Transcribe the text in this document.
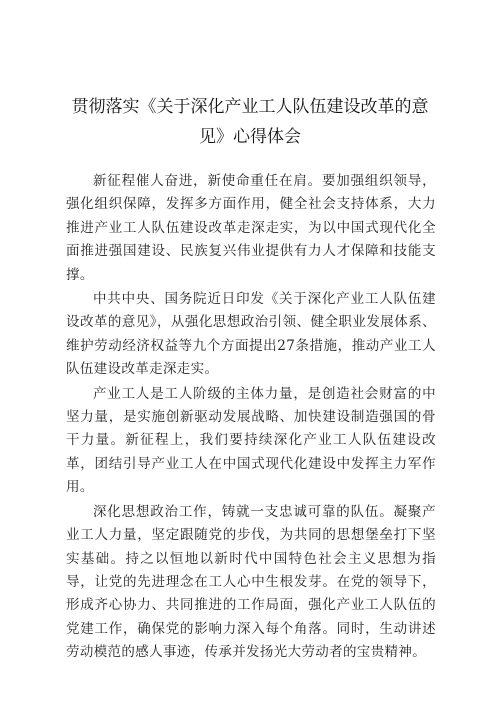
贯彻落实《关于深化产业工人队伍建设改革的意见》心得体会

新征程催人奋进，新使命重任在肩。要加强组织领导，强化组织保障，发挥多方面作用，健全社会支持体系，大力推进产业工人队伍建设改革走深走实，为以中国式现代化全面推进强国建设、民族复兴伟业提供有力人才保障和技能支撑。

中共中央、国务院近日印发《关于深化产业工人队伍建设改革的意见》，从强化思想政治引领、健全职业发展体系、维护劳动经济权益等九个方面提出27条措施，推动产业工人队伍建设改革走深走实。

产业工人是工人阶级的主体力量，是创造社会财富的中坚力量，是实施创新驱动发展战略、加快建设制造强国的骨干力量。新征程上，我们要持续深化产业工人队伍建设改革，团结引导产业工人在中国式现代化建设中发挥主力军作用。

深化思想政治工作，铸就一支忠诚可靠的队伍。凝聚产业工人力量，坚定跟随党的步伐，为共同的思想堡垒打下坚实基础。持之以恒地以新时代中国特色社会主义思想为指导，让党的先进理念在工人心中生根发芽。在党的领导下，形成齐心协力、共同推进的工作局面，强化产业工人队伍的党建工作，确保党的影响力深入每个角落。同时，生动讲述劳动模范的感人事迹，传承并发扬光大劳动者的宝贵精神。
